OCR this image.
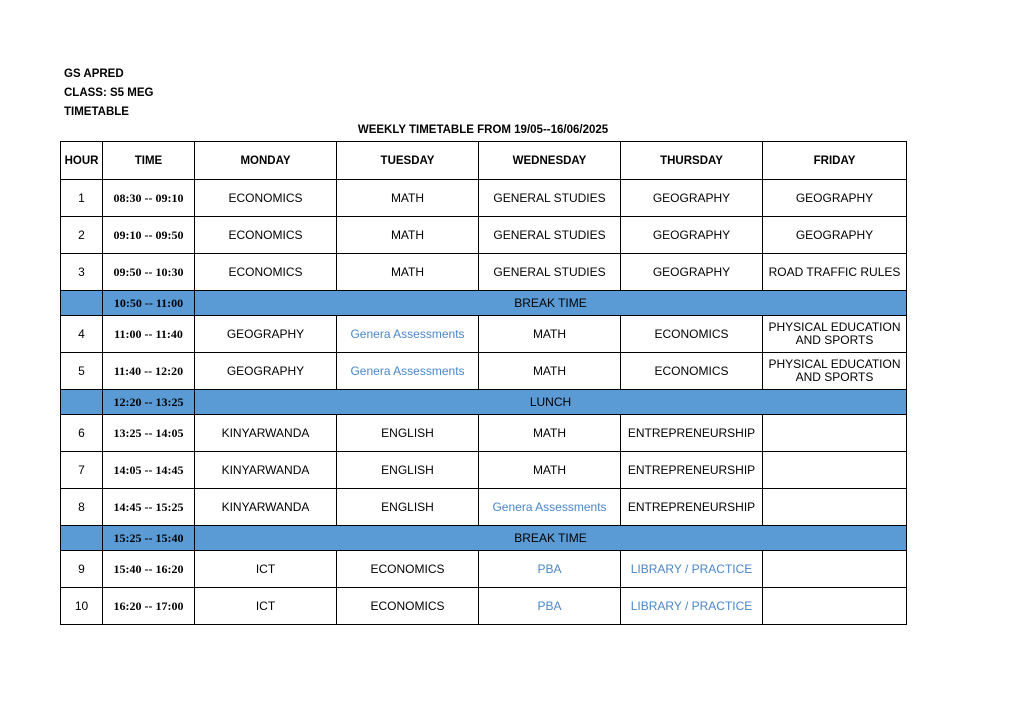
GS APRED
CLASS: S5 MEG
TIMETABLE
WEEKLY TIMETABLE FROM 19/05--16/06/2025
HOUR	TIME	MONDAY	TUESDAY	WEDNESDAY	THURSDAY	FRIDAY
1	08:30 -- 09:10	ECONOMICS	MATH	GENERAL STUDIES	GEOGRAPHY	GEOGRAPHY
2	09:10 -- 09:50	ECONOMICS	MATH	GENERAL STUDIES	GEOGRAPHY	GEOGRAPHY
3	09:50 -- 10:30	ECONOMICS	MATH	GENERAL STUDIES	GEOGRAPHY	ROAD TRAFFIC RULES
	10:50 -- 11:00	BREAK TIME				
4	11:00 -- 11:40	GEOGRAPHY	Genera Assessments	MATH	ECONOMICS	PHYSICAL EDUCATION AND SPORTS
5	11:40 -- 12:20	GEOGRAPHY	Genera Assessments	MATH	ECONOMICS	PHYSICAL EDUCATION AND SPORTS
	12:20 -- 13:25	LUNCH				
6	13:25 -- 14:05	KINYARWANDA	ENGLISH	MATH	ENTREPRENEURSHIP	
7	14:05 -- 14:45	KINYARWANDA	ENGLISH	MATH	ENTREPRENEURSHIP	
8	14:45 -- 15:25	KINYARWANDA	ENGLISH	Genera Assessments	ENTREPRENEURSHIP	
	15:25 -- 15:40	BREAK TIME				
9	15:40 -- 16:20	ICT	ECONOMICS	PBA	LIBRARY / PRACTICE	
10	16:20 -- 17:00	ICT	ECONOMICS	PBA	LIBRARY / PRACTICE	
